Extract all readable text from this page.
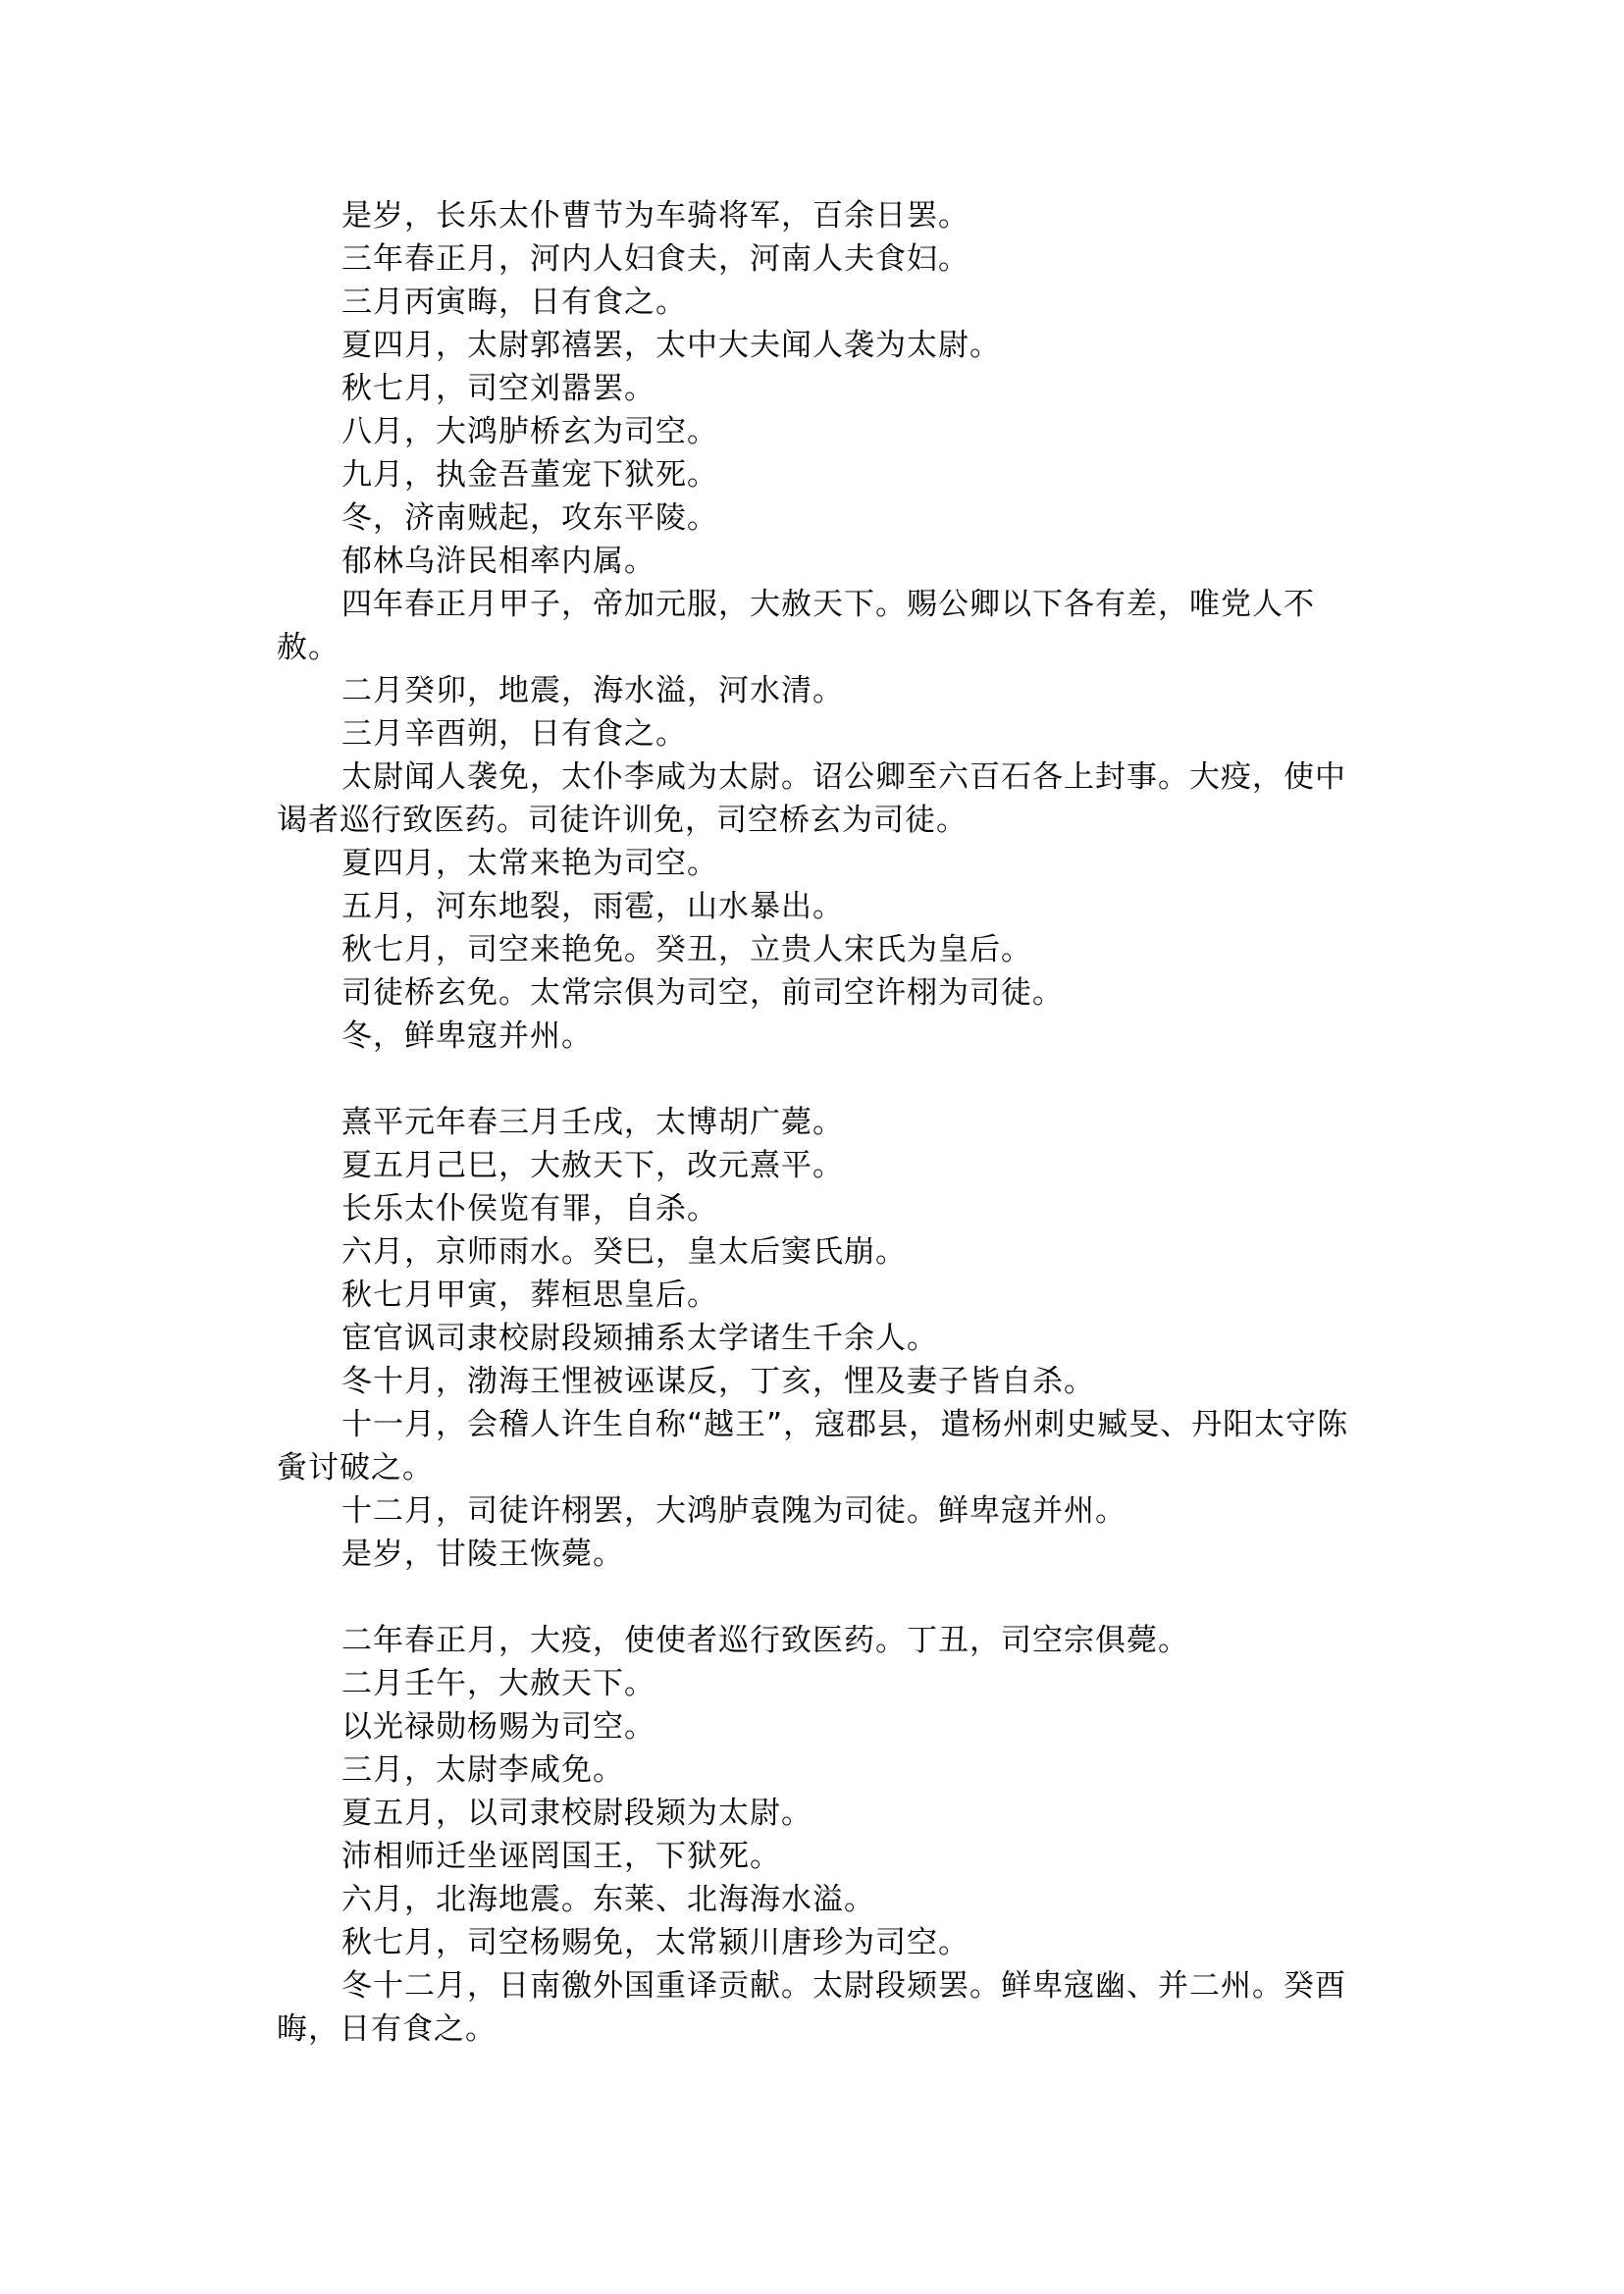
是岁，长乐太仆曹节为车骑将军，百余日罢。

三年春正月，河内人妇食夫，河南人夫食妇。

三月丙寅晦，日有食之。

夏四月，太尉郭禧罢，太中大夫闻人袭为太尉。

秋七月，司空刘嚣罢。

八月，大鸿胪桥玄为司空。

九月，执金吾董宠下狱死。

冬，济南贼起，攻东平陵。

郁林乌浒民相率内属。

四年春正月甲子，帝加元服，大赦天下。赐公卿以下各有差，唯党人不赦。

二月癸卯，地震，海水溢，河水清。

三月辛酉朔，日有食之。

太尉闻人袭免，太仆李咸为太尉。诏公卿至六百石各上封事。大疫，使中谒者巡行致医药。司徒许训免，司空桥玄为司徒。

夏四月，太常来艳为司空。

五月，河东地裂，雨雹，山水暴出。

秋七月，司空来艳免。癸丑，立贵人宋氏为皇后。

司徒桥玄免。太常宗俱为司空，前司空许栩为司徒。

冬，鲜卑寇并州。

熹平元年春三月壬戌，太博胡广薨。

夏五月己巳，大赦天下，改元熹平。

长乐太仆侯览有罪，自杀。

六月，京师雨水。癸巳，皇太后窦氏崩。

秋七月甲寅，葬桓思皇后。

宦官讽司隶校尉段颎捕系太学诸生千余人。

冬十月，渤海王悝被诬谋反，丁亥，悝及妻子皆自杀。

十一月，会稽人许生自称“越王”，寇郡县，遣杨州刺史臧旻、丹阳太守陈夤讨破之。

十二月，司徒许栩罢，大鸿胪袁隗为司徒。鲜卑寇并州。

是岁，甘陵王恢薨。

二年春正月，大疫，使使者巡行致医药。丁丑，司空宗俱薨。

二月壬午，大赦天下。

以光禄勋杨赐为司空。

三月，太尉李咸免。

夏五月，以司隶校尉段颎为太尉。

沛相师迁坐诬罔国王，下狱死。

六月，北海地震。东莱、北海海水溢。

秋七月，司空杨赐免，太常颍川唐珍为司空。

冬十二月，日南徼外国重译贡献。太尉段颎罢。鲜卑寇幽、并二州。癸酉晦，日有食之。
